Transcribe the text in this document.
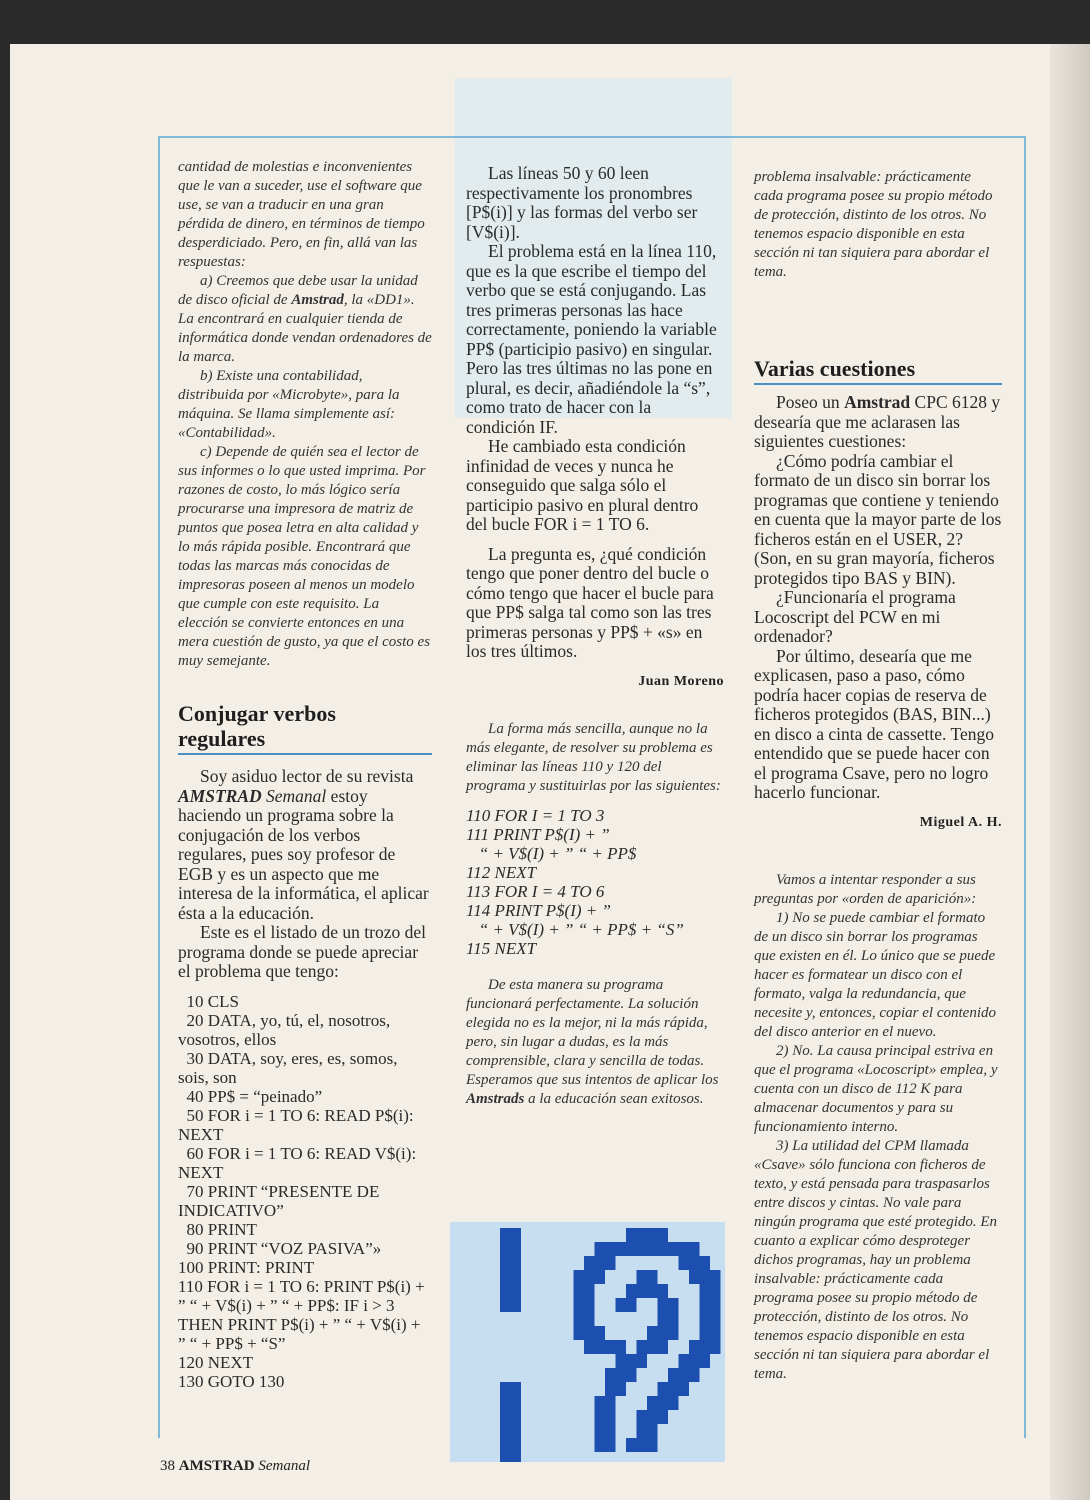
cantidad de molestias e inconvenientes que le van a suceder, use el software que use, se van a traducir en una gran pérdida de dinero, en términos de tiempo desperdiciado. Pero, en fin, allá van las respuestas:

a) Creemos que debe usar la unidad de disco oficial de Amstrad, la «DD1». La encontrará en cualquier tienda de informática donde vendan ordenadores de la marca.

b) Existe una contabilidad, distribuida por «Microbyte», para la máquina. Se llama simplemente así: «Contabilidad».

c) Depende de quién sea el lector de sus informes o lo que usted imprima. Por razones de costo, lo más lógico sería procurarse una impresora de matriz de puntos que posea letra en alta calidad y lo más rápida posible. Encontrará que todas las marcas más conocidas de impresoras poseen al menos un modelo que cumple con este requisito. La elección se convierte entonces en una mera cuestión de gusto, ya que el costo es muy semejante.

Conjugar verbos
regulares

Soy asiduo lector de su revista AMSTRAD Semanal estoy haciendo un programa sobre la conjugación de los verbos regulares, pues soy profesor de EGB y es un aspecto que me interesa de la informática, el aplicar ésta a la educación.

Este es el listado de un trozo del programa donde se puede apreciar el problema que tengo:

10 CLS
20 DATA, yo, tú, el, nosotros, vosotros, ellos
30 DATA, soy, eres, es, somos, sois, son
40 PP$ = “peinado”
50 FOR i = 1 TO 6: READ P$(i): NEXT
60 FOR i = 1 TO 6: READ V$(i): NEXT
70 PRINT “PRESENTE DE INDICATIVO”
80 PRINT
90 PRINT “VOZ PASIVA”»
100 PRINT: PRINT
110 FOR i = 1 TO 6: PRINT P$(i) + ” “ + V$(i) + ” “ + PP$: IF i > 3 THEN PRINT P$(i) + ” “ + V$(i) + ” “ + PP$ + “S”
120 NEXT
130 GOTO 130

Las líneas 50 y 60 leen respectivamente los pronombres [P$(i)] y las formas del verbo ser [V$(i)].

El problema está en la línea 110, que es la que escribe el tiempo del verbo que se está conjugando. Las tres primeras personas las hace correctamente, poniendo la variable PP$ (participio pasivo) en singular. Pero las tres últimas no las pone en plural, es decir, añadiéndole la “s”, como trato de hacer con la condición IF.

He cambiado esta condición infinidad de veces y nunca he conseguido que salga sólo el participio pasivo en plural dentro del bucle FOR i = 1 TO 6.

La pregunta es, ¿qué condición tengo que poner dentro del bucle o cómo tengo que hacer el bucle para que PP$ salga tal como son las tres primeras personas y PP$ + «s» en los tres últimos.

Juan Moreno

La forma más sencilla, aunque no la más elegante, de resolver su problema es eliminar las líneas 110 y 120 del programa y sustituirlas por las siguientes:

110 FOR I = 1 TO 3
111 PRINT P$(I) + ”
“ + V$(I) + ” “ + PP$
112 NEXT
113 FOR I = 4 TO 6
114 PRINT P$(I) + ”
“ + V$(I) + ” “ + PP$ + “S”
115 NEXT

De esta manera su programa funcionará perfectamente. La solución elegida no es la mejor, ni la más rápida, pero, sin lugar a dudas, es la más comprensible, clara y sencilla de todas. Esperamos que sus intentos de aplicar los Amstrads a la educación sean exitosos.

problema insalvable: prácticamente cada programa posee su propio método de protección, distinto de los otros. No tenemos espacio disponible en esta sección ni tan siquiera para abordar el tema.

Varias cuestiones

Poseo un Amstrad CPC 6128 y desearía que me aclarasen las siguientes cuestiones:

¿Cómo podría cambiar el formato de un disco sin borrar los programas que contiene y teniendo en cuenta que la mayor parte de los ficheros están en el USER, 2? (Son, en su gran mayoría, ficheros protegidos tipo BAS y BIN).

¿Funcionaría el programa Locoscript del PCW en mi ordenador?

Por último, desearía que me explicasen, paso a paso, cómo podría hacer copias de reserva de ficheros protegidos (BAS, BIN...) en disco a cinta de cassette. Tengo entendido que se puede hacer con el programa Csave, pero no logro hacerlo funcionar.

Miguel A. H.

Vamos a intentar responder a sus preguntas por «orden de aparición»:

1) No se puede cambiar el formato de un disco sin borrar los programas que existen en él. Lo único que se puede hacer es formatear un disco con el formato, valga la redundancia, que necesite y, entonces, copiar el contenido del disco anterior en el nuevo.

2) No. La causa principal estriva en que el programa «Locoscript» emplea, y cuenta con un disco de 112 K para almacenar documentos y para su funcionamiento interno.

3) La utilidad del CPM llamada «Csave» sólo funciona con ficheros de texto, y está pensada para traspasarlos entre discos y cintas. No vale para ningún programa que esté protegido. En cuanto a explicar cómo desproteger dichos programas, hay un problema insalvable: prácticamente cada programa posee su propio método de protección, distinto de los otros. No tenemos espacio disponible en esta sección ni tan siquiera para abordar el tema.

38 AMSTRAD Semanal
